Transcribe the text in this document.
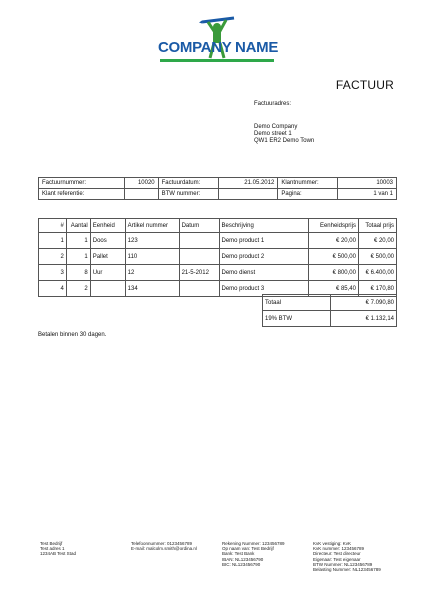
COMPANY NAME
FACTUUR
Factuuradres:
Demo Company
Demo street 1
QW1 ER2 Demo Town
Factuurnummer:	10020	Factuurdatum:	21.05.2012	Klantnummer:	10003
Klant referentie:		BTW nummer:		Pagina:	1 van 1
#	Aantal	Eenheid	Artikel nummer	Datum	Beschrijving	Eenheidsprijs	Totaal prijs
1	1	Doos	123		Demo product 1	€ 20,00	€ 20,00
2	1	Pallet	110		Demo product 2	€ 500,00	€ 500,00
3	8	Uur	12	21-5-2012	Demo dienst	€ 800,00	€ 6.400,00
4	2		134		Demo product 3	€ 85,40	€ 170,80
Totaal	€ 7.090,80
19% BTW	€ 1.132,14
Betalen binnen 30 dagen.
Test Bedrijf
Test adres 1
1234AB Test Stad
Telefoonnummer: 0123456789
E-mail: malcolm.smith@ordina.nl
Rekening Nummer: 123456789
Op naam van: Test Bedrijf
Bank: Test Bank
IBAN: NL123456790
BIC: NL123456790
KvK vestiging: KvK
KvK nummer: 123456789
Directeur: Test directeur
Eigenaar: Test eigenaar
BTW Nummer: NL123456789
Belasting Nummer: NL123456789
